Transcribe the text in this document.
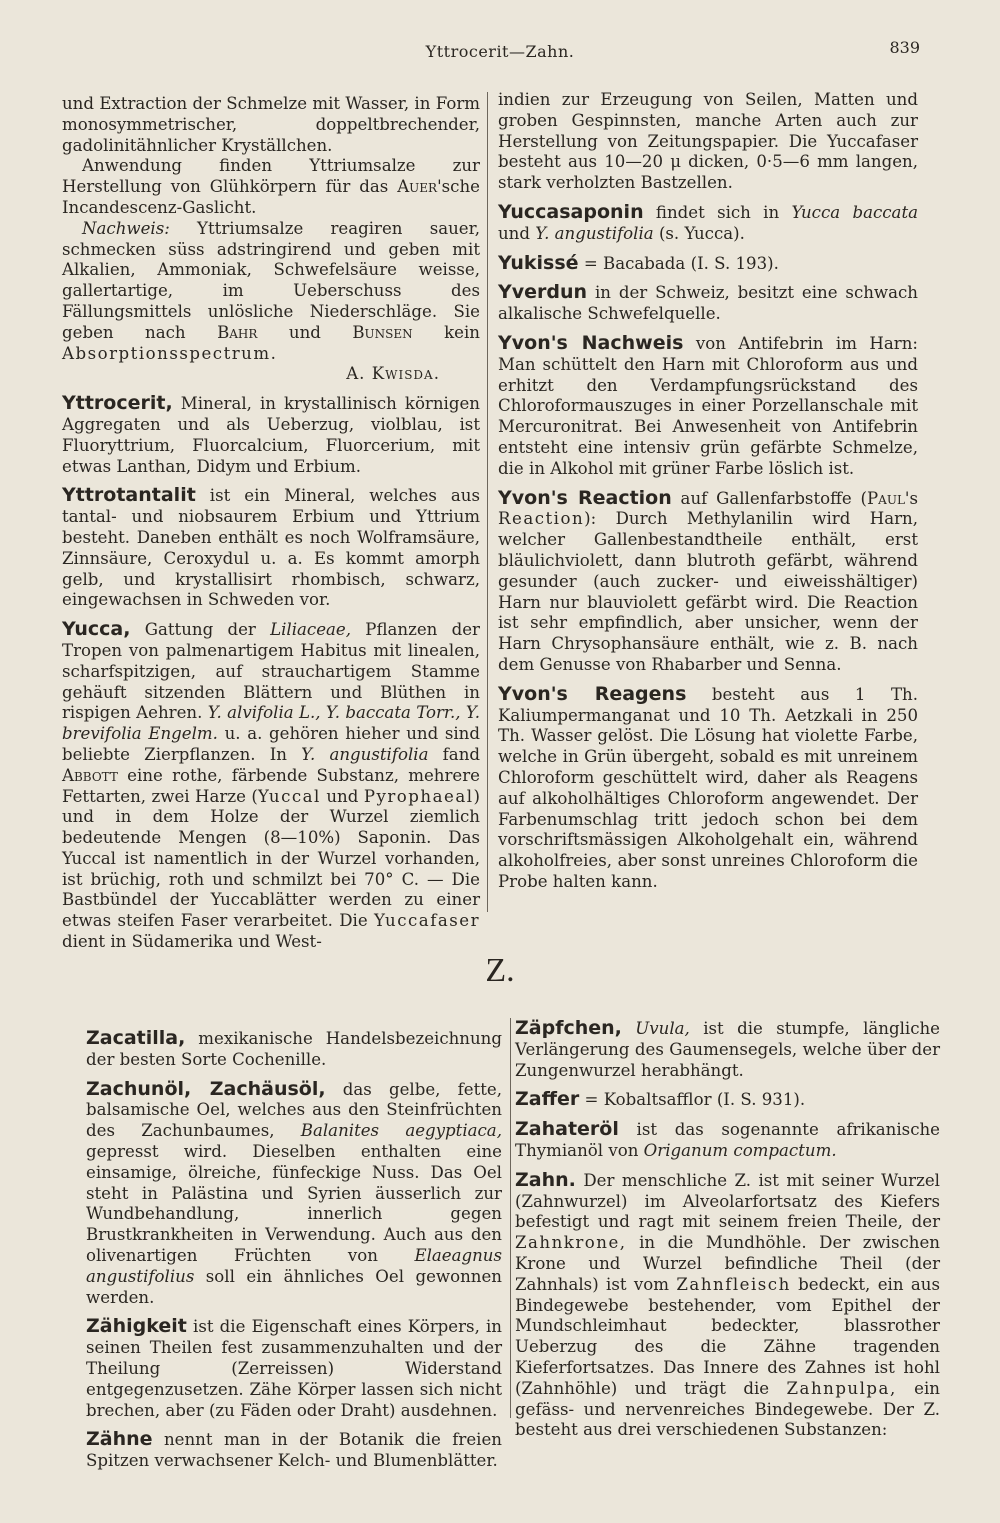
Yttrocerit—Zahn.	839

und Extraction der Schmelze mit Wasser, in Form monosymmetrischer, doppeltbrechender, gadolinitähnlicher Kryställchen.

Anwendung finden Yttriumsalze zur Herstellung von Glühkörpern für das Auer'sche Incandescenz-Gaslicht.

Nachweis: Yttriumsalze reagiren sauer, schmecken süss adstringirend und geben mit Alkalien, Ammoniak, Schwefelsäure weisse, gallertartige, im Ueberschuss des Fällungsmittels unlösliche Niederschläge. Sie geben nach Bahr und Bunsen kein Absorptionsspectrum.

A. Kwisda.

Yttrocerit, Mineral, in krystallinisch körnigen Aggregaten und als Ueberzug, violblau, ist Fluoryttrium, Fluorcalcium, Fluorcerium, mit etwas Lanthan, Didym und Erbium.

Yttrotantalit ist ein Mineral, welches aus tantal- und niobsaurem Erbium und Yttrium besteht. Daneben enthält es noch Wolframsäure, Zinnsäure, Ceroxydul u. a. Es kommt amorph gelb, und krystallisirt rhombisch, schwarz, eingewachsen in Schweden vor.

Yucca, Gattung der Liliaceae, Pflanzen der Tropen von palmenartigem Habitus mit linealen, scharfspitzigen, auf strauchartigem Stamme gehäuft sitzenden Blättern und Blüthen in rispigen Aehren. Y. alvifolia L., Y. baccata Torr., Y. brevifolia Engelm. u. a. gehören hieher und sind beliebte Zierpflanzen. In Y. angustifolia fand Abbott eine rothe, färbende Substanz, mehrere Fettarten, zwei Harze (Yuccal und Pyrophaeal) und in dem Holze der Wurzel ziemlich bedeutende Mengen (8—10%) Saponin. Das Yuccal ist namentlich in der Wurzel vorhanden, ist brüchig, roth und schmilzt bei 70° C. — Die Bastbündel der Yuccablätter werden zu einer etwas steifen Faser verarbeitet. Die Yuccafaser dient in Südamerika und West-

indien zur Erzeugung von Seilen, Matten und groben Gespinnsten, manche Arten auch zur Herstellung von Zeitungspapier. Die Yuccafaser besteht aus 10—20 μ dicken, 0·5—6 mm langen, stark verholzten Bastzellen.

Yuccasaponin findet sich in Yucca baccata und Y. angustifolia (s. Yucca).

Yukissé = Bacabada (I. S. 193).

Yverdun in der Schweiz, besitzt eine schwach alkalische Schwefelquelle.

Yvon's Nachweis von Antifebrin im Harn: Man schüttelt den Harn mit Chloroform aus und erhitzt den Verdampfungsrückstand des Chloroformauszuges in einer Porzellanschale mit Mercuronitrat. Bei Anwesenheit von Antifebrin entsteht eine intensiv grün gefärbte Schmelze, die in Alkohol mit grüner Farbe löslich ist.

Yvon's Reaction auf Gallenfarbstoffe (Paul's Reaction): Durch Methylanilin wird Harn, welcher Gallenbestandtheile enthält, erst bläulichviolett, dann blutroth gefärbt, während gesunder (auch zucker- und eiweisshältiger) Harn nur blauviolett gefärbt wird. Die Reaction ist sehr empfindlich, aber unsicher, wenn der Harn Chrysophansäure enthält, wie z. B. nach dem Genusse von Rhabarber und Senna.

Yvon's Reagens besteht aus 1 Th. Kaliumpermanganat und 10 Th. Aetzkali in 250 Th. Wasser gelöst. Die Lösung hat violette Farbe, welche in Grün übergeht, sobald es mit unreinem Chloroform geschüttelt wird, daher als Reagens auf alkoholhältiges Chloroform angewendet. Der Farbenumschlag tritt jedoch schon bei dem vorschriftsmässigen Alkoholgehalt ein, während alkoholfreies, aber sonst unreines Chloroform die Probe halten kann.

Z.

Zacatilla, mexikanische Handelsbezeichnung der besten Sorte Cochenille.

Zachunöl, Zachäusöl, das gelbe, fette, balsamische Oel, welches aus den Steinfrüchten des Zachunbaumes, Balanites aegyptiaca, gepresst wird. Dieselben enthalten eine einsamige, ölreiche, fünfeckige Nuss. Das Oel steht in Palästina und Syrien äusserlich zur Wundbehandlung, innerlich gegen Brustkrankheiten in Verwendung. Auch aus den olivenartigen Früchten von Elaeagnus angustifolius soll ein ähnliches Oel gewonnen werden.

Zähigkeit ist die Eigenschaft eines Körpers, in seinen Theilen fest zusammenzuhalten und der Theilung (Zerreissen) Widerstand entgegenzusetzen. Zähe Körper lassen sich nicht brechen, aber (zu Fäden oder Draht) ausdehnen.

Zähne nennt man in der Botanik die freien Spitzen verwachsener Kelch- und Blumenblätter.

Zäpfchen, Uvula, ist die stumpfe, längliche Verlängerung des Gaumensegels, welche über der Zungenwurzel herabhängt.

Zaffer = Kobaltsafflor (I. S. 931).

Zahateröl ist das sogenannte afrikanische Thymianöl von Origanum compactum.

Zahn. Der menschliche Z. ist mit seiner Wurzel (Zahnwurzel) im Alveolarfortsatz des Kiefers befestigt und ragt mit seinem freien Theile, der Zahnkrone, in die Mundhöhle. Der zwischen Krone und Wurzel befindliche Theil (der Zahnhals) ist vom Zahnfleisch bedeckt, ein aus Bindegewebe bestehender, vom Epithel der Mundschleimhaut bedeckter, blassrother Ueberzug des die Zähne tragenden Kieferfortsatzes. Das Innere des Zahnes ist hohl (Zahnhöhle) und trägt die Zahnpulpa, ein gefäss- und nervenreiches Bindegewebe. Der Z. besteht aus drei verschiedenen Substanzen:
